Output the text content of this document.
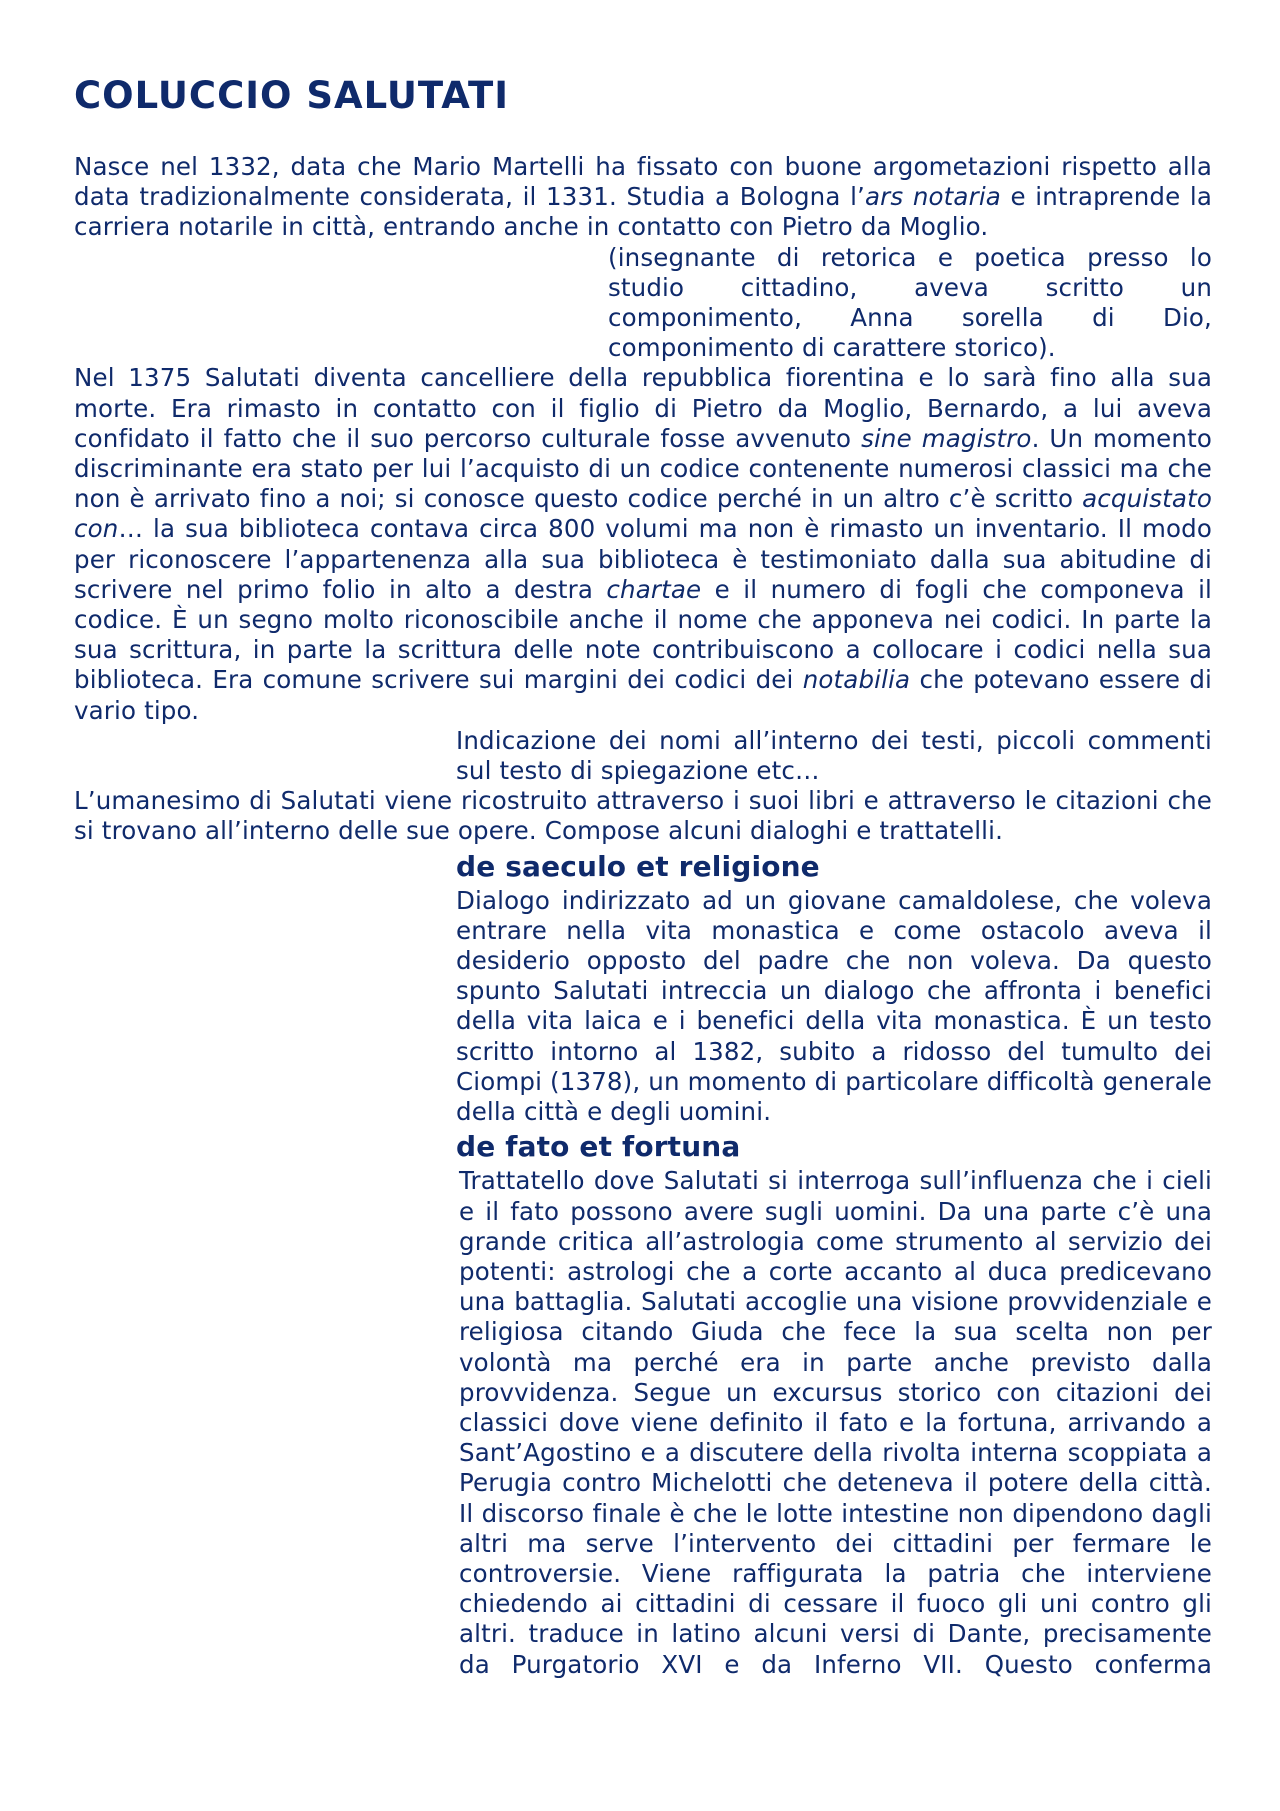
COLUCCIO SALUTATI

Nasce nel 1332, data che Mario Martelli ha fissato con buone argometazioni rispetto alla data tradizionalmente considerata, il 1331. Studia a Bologna l’ars notaria e intraprende la carriera notarile in città, entrando anche in contatto con Pietro da Moglio.

(insegnante di retorica e poetica presso lo studio cittadino, aveva scritto un componimento, Anna sorella di Dio, componimento di carattere storico).

Nel 1375 Salutati diventa cancelliere della repubblica fiorentina e lo sarà fino alla sua morte. Era rimasto in contatto con il figlio di Pietro da Moglio, Bernardo, a lui aveva confidato il fatto che il suo percorso culturale fosse avvenuto sine magistro. Un momento discriminante era stato per lui l’acquisto di un codice contenente numerosi classici ma che non è arrivato fino a noi; si conosce questo codice perché in un altro c’è scritto acquistato con… la sua biblioteca contava circa 800 volumi ma non è rimasto un inventario. Il modo per riconoscere l’appartenenza alla sua biblioteca è testimoniato dalla sua abitudine di scrivere nel primo folio in alto a destra chartae e il numero di fogli che componeva il codice. È un segno molto riconoscibile anche il nome che apponeva nei codici. In parte la sua scrittura, in parte la scrittura delle note contribuiscono a collocare i codici nella sua biblioteca. Era comune scrivere sui margini dei codici dei notabilia che potevano essere di vario tipo.

Indicazione dei nomi all’interno dei testi, piccoli commenti sul testo di spiegazione etc…

L’umanesimo di Salutati viene ricostruito attraverso i suoi libri e attraverso le citazioni che si trovano all’interno delle sue opere. Compose alcuni dialoghi e trattatelli.

de saeculo et religione

Dialogo indirizzato ad un giovane camaldolese, che voleva entrare nella vita monastica e come ostacolo aveva il desiderio opposto del padre che non voleva. Da questo spunto Salutati intreccia un dialogo che affronta i benefici della vita laica e i benefici della vita monastica. È un testo scritto intorno al 1382, subito a ridosso del tumulto dei Ciompi (1378), un momento di particolare difficoltà generale della città e degli uomini.

de fato et fortuna

Trattatello dove Salutati si interroga sull’influenza che i cieli e il fato possono avere sugli uomini. Da una parte c’è una grande critica all’astrologia come strumento al servizio dei potenti: astrologi che a corte accanto al duca predicevano una battaglia. Salutati accoglie una visione provvidenziale e religiosa citando Giuda che fece la sua scelta non per volontà ma perché era in parte anche previsto dalla provvidenza. Segue un excursus storico con citazioni dei classici dove viene definito il fato e la fortuna, arrivando a Sant’Agostino e a discutere della rivolta interna scoppiata a Perugia contro Michelotti che deteneva il potere della città. Il discorso finale è che le lotte intestine non dipendono dagli altri ma serve l’intervento dei cittadini per fermare le controversie. Viene raffigurata la patria che interviene chiedendo ai cittadini di cessare il fuoco gli uni contro gli altri. traduce in latino alcuni versi di Dante, precisamente da Purgatorio XVI e da Inferno VII. Questo conferma
